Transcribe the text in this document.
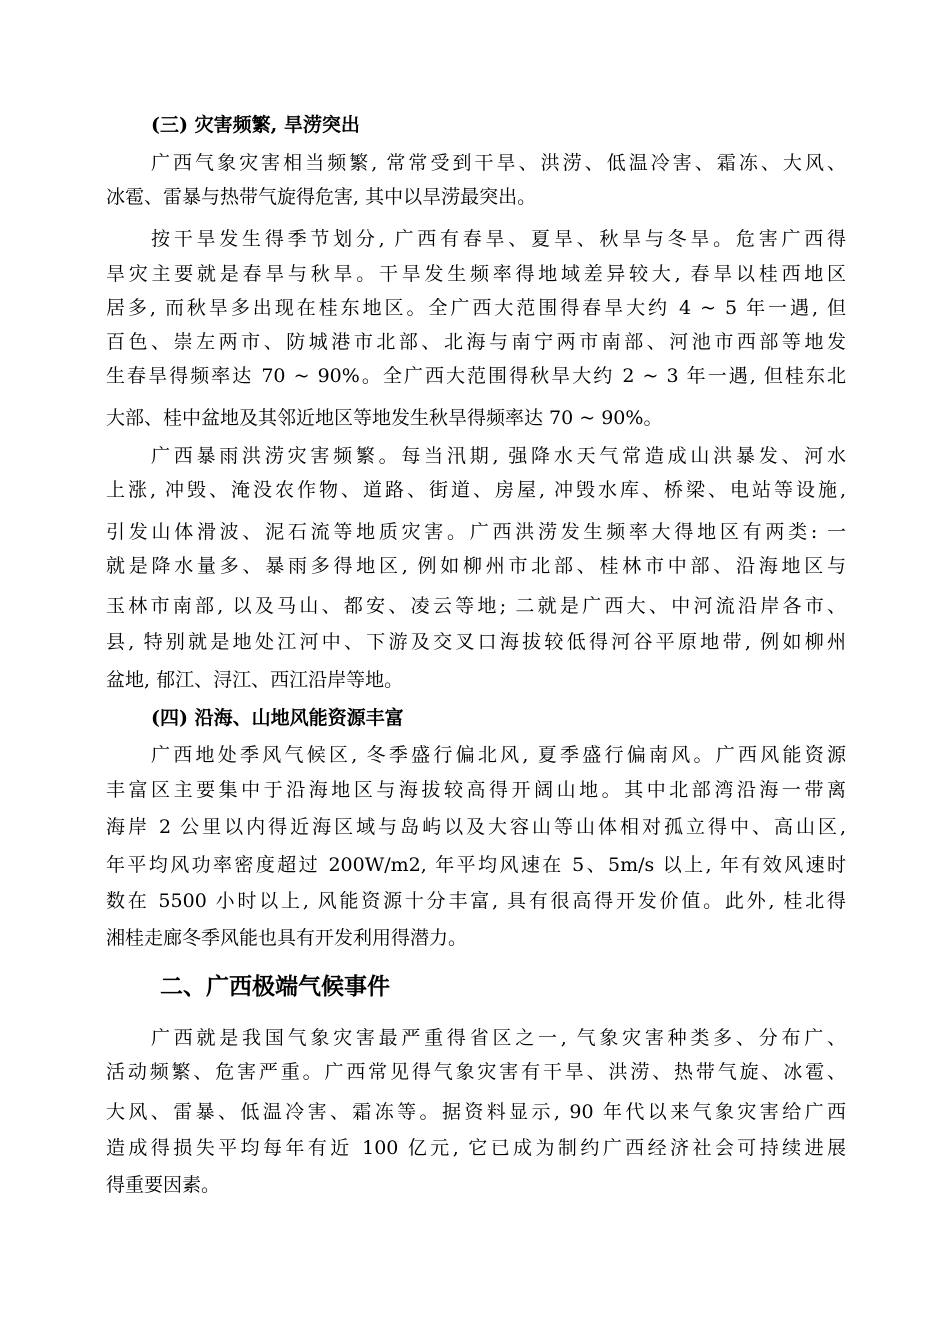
(三) 灾害频繁, 旱涝突出
广西气象灾害相当频繁, 常常受到干旱、洪涝、低温冷害、霜冻、大风、
冰雹、雷暴与热带气旋得危害, 其中以旱涝最突出。
按干旱发生得季节划分, 广西有春旱、夏旱、秋旱与冬旱。危害广西得
旱灾主要就是春旱与秋旱。干旱发生频率得地域差异较大, 春旱以桂西地区
居多, 而秋旱多出现在桂东地区。全广西大范围得春旱大约 4 ~ 5 年一遇, 但
百色、崇左两市、防城港市北部、北海与南宁两市南部、河池市西部等地发
生春旱得频率达 70 ~ 90%。全广西大范围得秋旱大约 2 ~ 3 年一遇, 但桂东北
大部、桂中盆地及其邻近地区等地发生秋旱得频率达 70 ~ 90%。
广西暴雨洪涝灾害频繁。每当汛期, 强降水天气常造成山洪暴发、河水
上涨, 冲毁、淹没农作物、道路、街道、房屋, 冲毁水库、桥梁、电站等设施,
引发山体滑波、泥石流等地质灾害。广西洪涝发生频率大得地区有两类: 一
就是降水量多、暴雨多得地区, 例如柳州市北部、桂林市中部、沿海地区与
玉林市南部, 以及马山、都安、凌云等地; 二就是广西大、中河流沿岸各市、
县, 特别就是地处江河中、下游及交叉口海拔较低得河谷平原地带, 例如柳州
盆地, 郁江、浔江、西江沿岸等地。
(四) 沿海、山地风能资源丰富
广西地处季风气候区, 冬季盛行偏北风, 夏季盛行偏南风。广西风能资源
丰富区主要集中于沿海地区与海拔较高得开阔山地。其中北部湾沿海一带离
海岸 2 公里以内得近海区域与岛屿以及大容山等山体相对孤立得中、高山区,
年平均风功率密度超过 200W/m2, 年平均风速在 5、5m/s 以上, 年有效风速时
数在 5500 小时以上, 风能资源十分丰富, 具有很高得开发价值。此外, 桂北得
湘桂走廊冬季风能也具有开发利用得潜力。
二、广西极端气候事件
广西就是我国气象灾害最严重得省区之一, 气象灾害种类多、分布广、
活动频繁、危害严重。广西常见得气象灾害有干旱、洪涝、热带气旋、冰雹、
大风、雷暴、低温冷害、霜冻等。据资料显示, 90 年代以来气象灾害给广西
造成得损失平均每年有近 100 亿元, 它已成为制约广西经济社会可持续进展
得重要因素。
